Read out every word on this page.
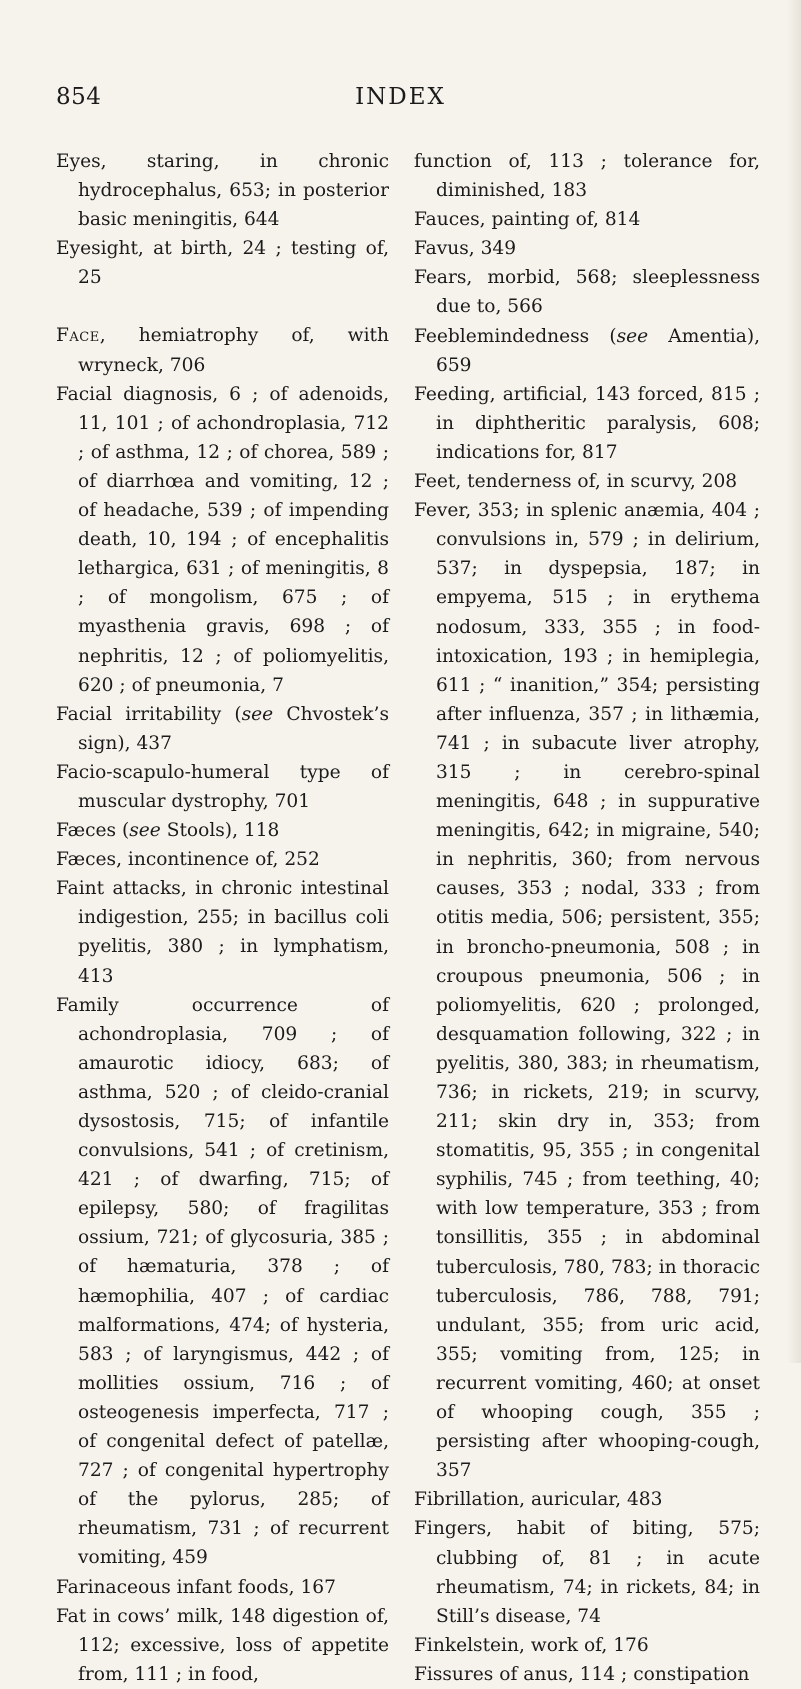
854	INDEX

Eyes, staring, in chronic hydrocephalus, 653; in posterior basic meningitis, 644

Eyesight, at birth, 24 ; testing of, 25

Face, hemiatrophy of, with wryneck, 706

Facial diagnosis, 6 ; of adenoids, 11, 101 ; of achondroplasia, 712 ; of asthma, 12 ; of chorea, 589 ; of diarrhœa and vomiting, 12 ; of headache, 539 ; of impending death, 10, 194 ; of encephalitis lethargica, 631 ; of meningitis, 8 ; of mongolism, 675 ; of myasthenia gravis, 698 ; of nephritis, 12 ; of poliomyelitis, 620 ; of pneumonia, 7

Facial irritability (see Chvostek’s sign), 437

Facio-scapulo-humeral type of muscular dystrophy, 701

Fæces (see Stools), 118

Fæces, incontinence of, 252

Faint attacks, in chronic intestinal indigestion, 255; in bacillus coli pyelitis, 380 ; in lymphatism, 413

Family occurrence of achondroplasia, 709 ; of amaurotic idiocy, 683; of asthma, 520 ; of cleido-cranial dysostosis, 715; of infantile convulsions, 541 ; of cretinism, 421 ; of dwarfing, 715; of epilepsy, 580; of fragilitas ossium, 721; of glycosuria, 385 ; of hæmaturia, 378 ; of hæmophilia, 407 ; of cardiac malformations, 474; of hysteria, 583 ; of laryngismus, 442 ; of mollities ossium, 716 ; of osteogenesis imperfecta, 717 ; of congenital defect of patellæ, 727 ; of congenital hypertrophy of the pylorus, 285; of rheumatism, 731 ; of recurrent vomiting, 459

Farinaceous infant foods, 167

Fat in cows’ milk, 148 digestion of, 112; excessive, loss of appetite from, 111 ; in food,

function of, 113 ; tolerance for, diminished, 183

Fauces, painting of, 814

Favus, 349

Fears, morbid, 568; sleeplessness due to, 566

Feeblemindedness (see Amentia), 659

Feeding, artificial, 143 forced, 815 ; in diphtheritic paralysis, 608; indications for, 817

Feet, tenderness of, in scurvy, 208

Fever, 353; in splenic anæmia, 404 ; convulsions in, 579 ; in delirium, 537; in dyspepsia, 187; in empyema, 515 ; in erythema nodosum, 333, 355 ; in food-intoxication, 193 ; in hemiplegia, 611 ; “ inanition,” 354; persisting after influenza, 357 ; in lithæmia, 741 ; in subacute liver atrophy, 315 ; in cerebro-spinal meningitis, 648 ; in suppurative meningitis, 642; in migraine, 540; in nephritis, 360; from nervous causes, 353 ; nodal, 333 ; from otitis media, 506; persistent, 355; in broncho-pneumonia, 508 ; in croupous pneumonia, 506 ; in poliomyelitis, 620 ; prolonged, desquamation following, 322 ; in pyelitis, 380, 383; in rheumatism, 736; in rickets, 219; in scurvy, 211; skin dry in, 353; from stomatitis, 95, 355 ; in congenital syphilis, 745 ; from teething, 40; with low temperature, 353 ; from tonsillitis, 355 ; in abdominal tuberculosis, 780, 783; in thoracic tuberculosis, 786, 788, 791; undulant, 355; from uric acid, 355; vomiting from, 125; in recurrent vomiting, 460; at onset of whooping cough, 355 ; persisting after whooping-cough, 357

Fibrillation, auricular, 483

Fingers, habit of biting, 575; clubbing of, 81 ; in acute rheumatism, 74; in rickets, 84; in Still’s disease, 74

Finkelstein, work of, 176

Fissures of anus, 114 ; constipation
